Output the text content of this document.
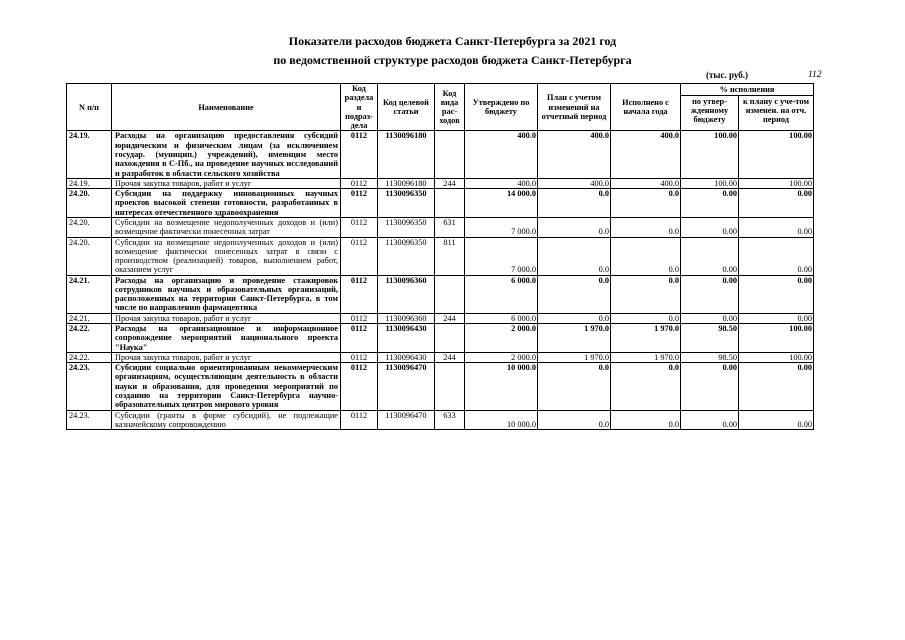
Показатели расходов бюджета Санкт-Петербурга за 2021 год
по ведомственной структуре расходов бюджета Санкт-Петербурга
(тыс. руб.)	112
N п/п	Наименование	Код раздела и подраз-дела	Код целевой статьи	Код вида рас-ходов	Утверждено по бюджету	План с учетом изменений на отчетный период	Исполнено с начала года	% исполнения	
								по утвер-жденному бюджету	к плану с уче-том изменен. на отч. период
24.19.	Расходы на организацию предоставления субсидий юридическим и физическим лицам (за исключением государ. (муницип.) учреждений), имеющим место нахождения в С-Пб., на проведение научных исследований и разработок в области сельского хозяйства	0112	1130096180		400.0	400.0	400.0	100.00	100.00
24.19.	Прочая закупка товаров, работ и услуг	0112	1130096180	244	400.0	400.0	400.0	100.00	100.00
24.20.	Субсидии на поддержку инновационных научных проектов высокой степени готовности, разработанных в интересах отечественного здравоохранения	0112	1130096350		14 000.0	0.0	0.0	0.00	0.00
24.20.	Субсидии на возмещение недополученных доходов и (или) возмещение фактически понесенных затрат	0112	1130096350	631	7 000.0	0.0	0.0	0.00	0.00
24.20.	Субсидии на возмещение недополученных доходов и (или) возмещение фактически понесенных затрат в связи с производством (реализацией) товаров, выполнением работ, оказанием услуг	0112	1130096350	811	7 000.0	0.0	0.0	0.00	0.00
24.21.	Расходы на организацию и проведение стажировок сотрудников научных и образовательных организаций, расположенных на территории Санкт-Петербурга, в том числе по направлению фармацевтика	0112	1130096360		6 000.0	0.0	0.0	0.00	0.00
24.21.	Прочая закупка товаров, работ и услуг	0112	1130096360	244	6 000.0	0.0	0.0	0.00	0.00
24.22.	Расходы на организационное и информационное сопровождение мероприятий национального проекта "Наука"	0112	1130096430		2 000.0	1 970.0	1 970.0	98.50	100.00
24.22.	Прочая закупка товаров, работ и услуг	0112	1130096430	244	2 000.0	1 970.0	1 970.0	98.50	100.00
24.23.	Субсидии социально ориентированным некоммерческим организациям, осуществляющим деятельность в области науки и образования, для проведения мероприятий по созданию на территории Санкт-Петербурга научно-образовательных центров мирового уровня	0112	1130096470		10 000.0	0.0	0.0	0.00	0.00
24.23.	Субсидии (гранты в форме субсидий), не подлежащие казначейскому сопровождению	0112	1130096470	633	10 000.0	0.0	0.0	0.00	0.00
